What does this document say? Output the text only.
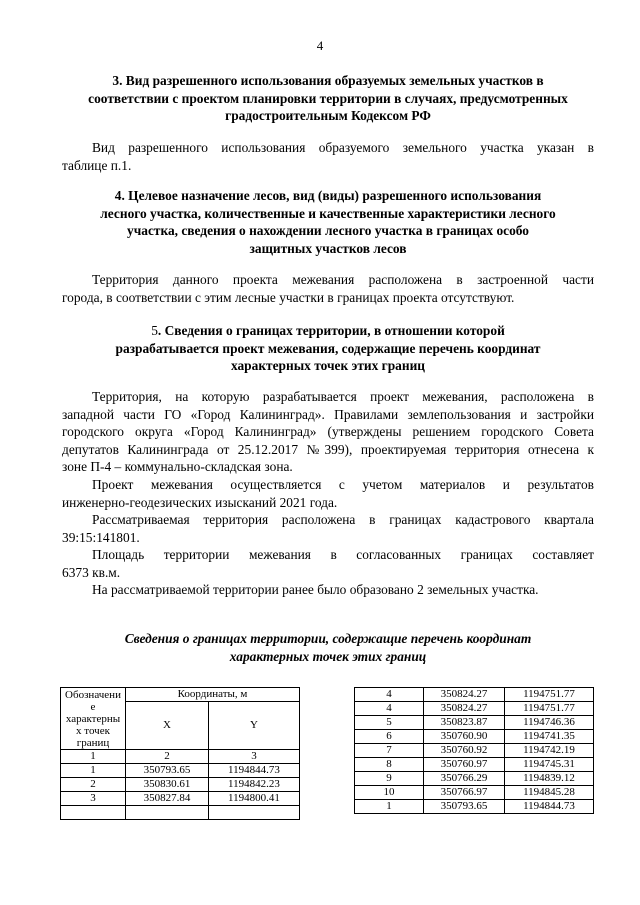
4
3. Вид разрешенного использования образуемых земельных участков в
соответствии с проектом планировки территории в случаях, предусмотренных
градостроительным Кодексом РФ
Вид разрешенного использования образуемого земельного участка указан в
таблице п.1.
4. Целевое назначение лесов, вид (виды) разрешенного использования
лесного участка, количественные и качественные характеристики лесного
участка, сведения о нахождении лесного участка в границах особо
защитных участков лесов
Территория данного проекта межевания расположена в застроенной части
города, в соответствии с этим лесные участки в границах проекта отсутствуют.
5. Сведения о границах территории, в отношении которой
разрабатывается проект межевания, содержащие перечень координат
характерных точек этих границ
Территория, на которую разрабатывается проект межевания, расположена в
западной части ГО «Город Калининград». Правилами землепользования и застройки
городского округа «Город Калининград» (утверждены решением городского Совета
депутатов Калининграда от 25.12.2017 №399), проектируемая территория отнесена к
зоне П-4 – коммунально-складская зона.
Проект межевания осуществляется с учетом материалов и результатов
инженерно-геодезических изысканий 2021 года.
Рассматриваемая территория расположена в границах кадастрового квартала
39:15:141801.
Площадь территории межевания в согласованных границах составляет
6373 кв.м.
На рассматриваемой территории ранее было образовано 2 земельных участка.
Сведения о границах территории, содержащие перечень координат
характерных точек этих границ
Обозначени
е
характерны
х точек
границ	Координаты, м	
	X	Y
1	2	3
1	350793.65	1194844.73
2	350830.61	1194842.23
3	350827.84	1194800.41

4	350824.27	1194751.77
4	350824.27	1194751.77
5	350823.87	1194746.36
6	350760.90	1194741.35
7	350760.92	1194742.19
8	350760.97	1194745.31
9	350766.29	1194839.12
10	350766.97	1194845.28
1	350793.65	1194844.73
